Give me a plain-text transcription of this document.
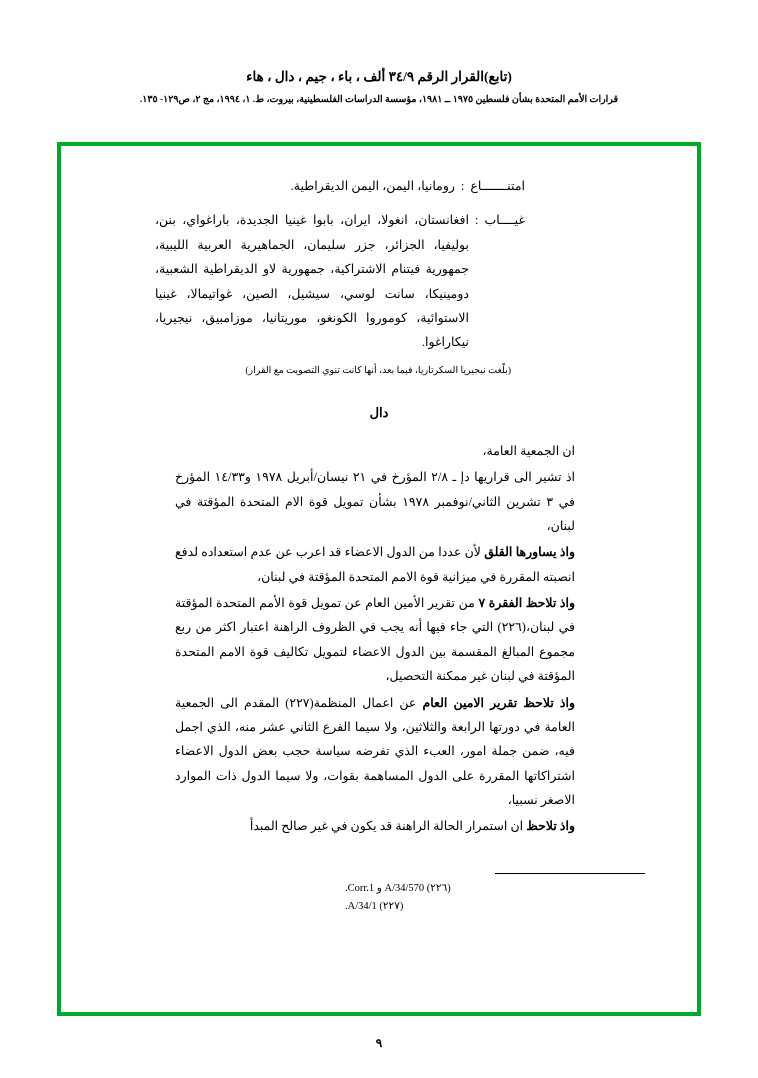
(تابع)القرار الرقم ٣٤/٩ ألف ، باء ، جيم ، دال ، هاء
قرارات الأمم المتحدة بشأن فلسطين ١٩٧٥ ــ ١٩٨١، مؤسسة الدراسات الفلسطينية، بيروت، ط. ١، ١٩٩٤، مج ٢، ص١٢٩- ١٣٥.
امتنـــــــاع
:
رومانيا، اليمن، اليمن الديقراطية.
غيــــاب
:
افغانستان، انغولا، ايران، بابوا غينيا الجديدة، باراغواي، بنن، بوليفيا، الجزائر، جزر سليمان، الجماهيرية العربية الليبية، جمهورية فيتنام الاشتراكية، جمهورية لاو الديقراطية الشعبية، دومينيكا، سانت لوسي، سيشيل، الصين، غواتيمالا، غينيا الاستوائية، كوموروا الكونغو، موريتانيا، موزامبيق، نيجيريا، نيكاراغوا.
(بلّغت نيجيريا السكرتاريا، فيما بعد، أنها كانت تنوي التصويت مع القرار)
دال
ان الجمعية العامة،
اذ تشير الى قراريها دإ ـ ٢/٨ المؤرخ في ٢١ نيسان/أبريل ١٩٧٨ و١٤/٣٣ المؤرخ في ٣ تشرين الثاني/نوفمبر ١٩٧٨ بشأن تمويل قوة الام المتحدة المؤقتة في لبنان،
واذ يساورها القلق لأن عددا من الدول الاعضاء قد اعرب عن عدم استعداده لدفع انصبته المقررة في ميزانية قوة الامم المتحدة المؤقتة في لبنان،
واذ تلاحظ الفقرة ٧ من تقرير الأمين العام عن تمويل قوة الأمم المتحدة المؤقتة في لبنان،(٢٢٦) التي جاء فيها أنه يجب في الظروف الراهنة اعتبار اكثر من ربع مجموع المبالغ المقسمة بين الدول الاعضاء لتمويل تكاليف قوة الامم المتحدة المؤقتة في لبنان غير ممكنة التحصيل،
واذ تلاحظ تقرير الامين العام عن اعمال المنظمة(٢٢٧) المقدم الى الجمعية العامة في دورتها الرابعة والثلاثين، ولا سيما الفرع الثاني عشر منه، الذي اجمل فيه، ضمن جملة امور، العبء الذي تفرضه سياسة حجب بعض الدول الاعضاء اشتراكاتها المقررة على الدول المساهمة بقوات، ولا سيما الدول ذات الموارد الاصغر نسبيا،
واذ تلاحظ ان استمرار الحالة الراهنة قد يكون في غير صالح المبدأ
(٢٢٦) A/34/570 و Corr.1.
(٢٢٧) A/34/1.
٩
